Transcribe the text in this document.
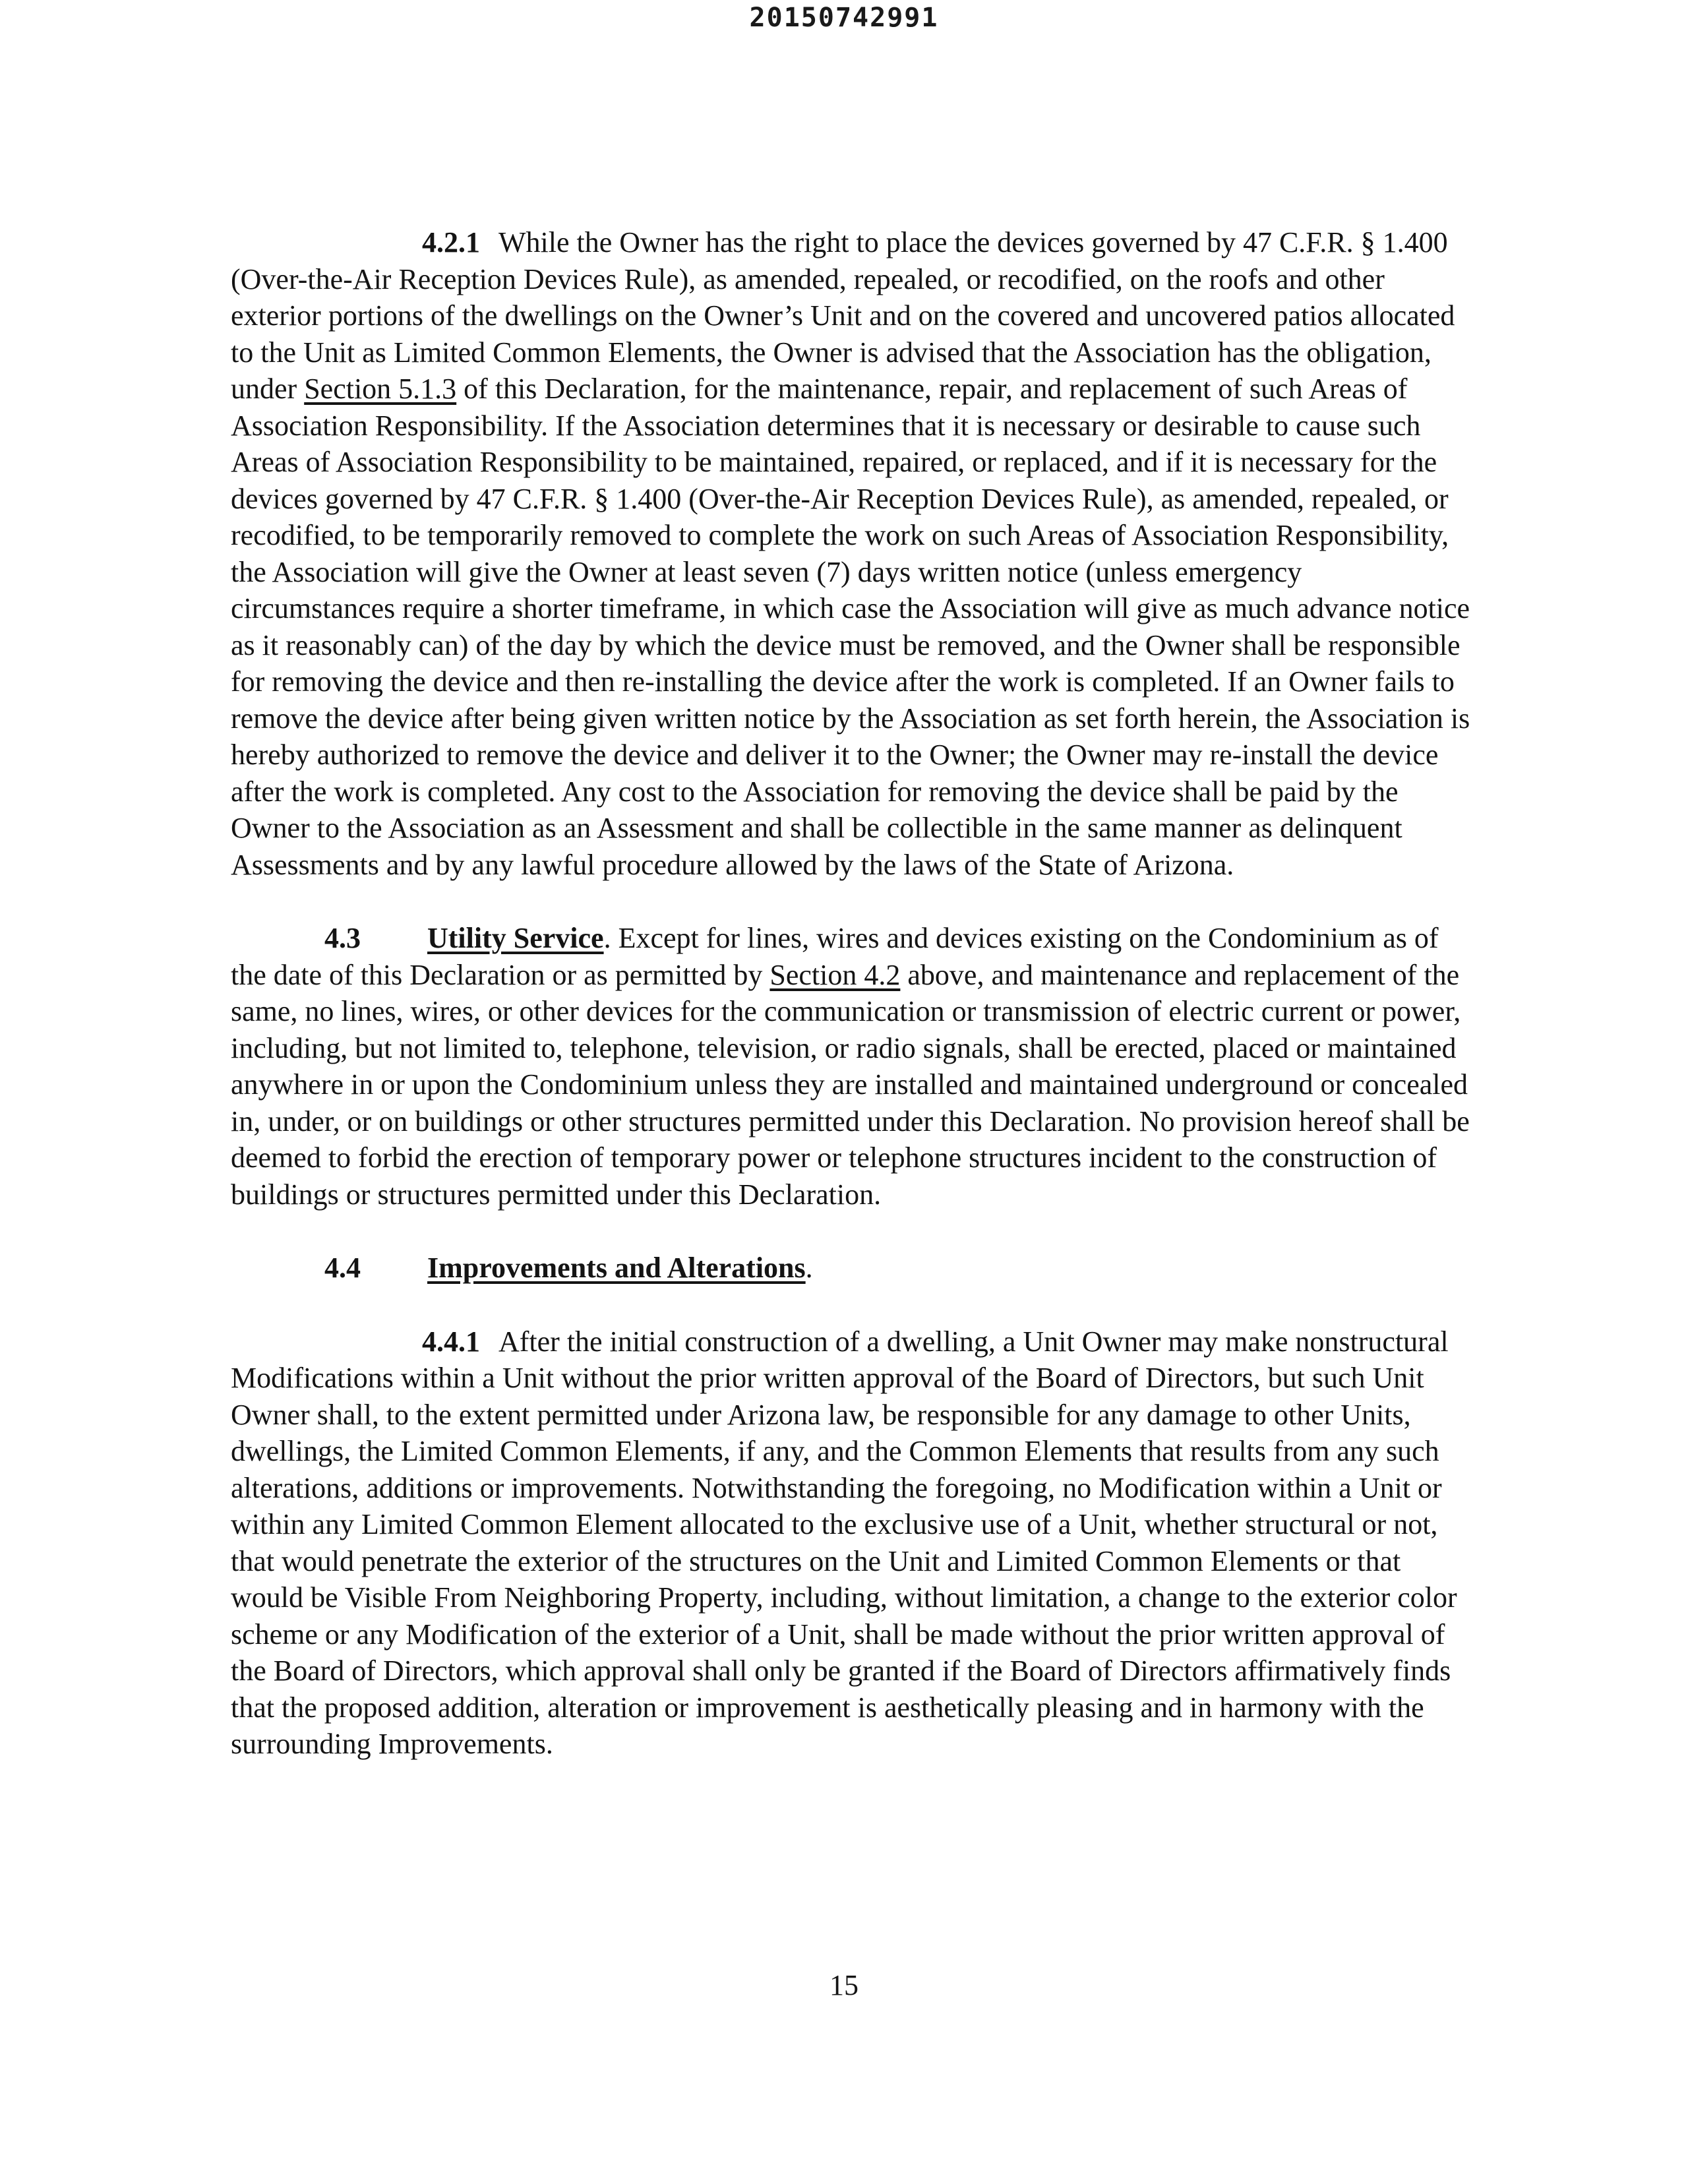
20150742991

4.2.1 While the Owner has the right to place the devices governed by 47 C.F.R. § 1.400 (Over-the-Air Reception Devices Rule), as amended, repealed, or recodified, on the roofs and other exterior portions of the dwellings on the Owner’s Unit and on the covered and uncovered patios allocated to the Unit as Limited Common Elements, the Owner is advised that the Association has the obligation, under Section 5.1.3 of this Declaration, for the maintenance, repair, and replacement of such Areas of Association Responsibility. If the Association determines that it is necessary or desirable to cause such Areas of Association Responsibility to be maintained, repaired, or replaced, and if it is necessary for the devices governed by 47 C.F.R. § 1.400 (Over-the-Air Reception Devices Rule), as amended, repealed, or recodified, to be temporarily removed to complete the work on such Areas of Association Responsibility, the Association will give the Owner at least seven (7) days written notice (unless emergency circumstances require a shorter timeframe, in which case the Association will give as much advance notice as it reasonably can) of the day by which the device must be removed, and the Owner shall be responsible for removing the device and then re-installing the device after the work is completed. If an Owner fails to remove the device after being given written notice by the Association as set forth herein, the Association is hereby authorized to remove the device and deliver it to the Owner; the Owner may re-install the device after the work is completed. Any cost to the Association for removing the device shall be paid by the Owner to the Association as an Assessment and shall be collectible in the same manner as delinquent Assessments and by any lawful procedure allowed by the laws of the State of Arizona.

4.3 Utility Service. Except for lines, wires and devices existing on the Condominium as of the date of this Declaration or as permitted by Section 4.2 above, and maintenance and replacement of the same, no lines, wires, or other devices for the communication or transmission of electric current or power, including, but not limited to, telephone, television, or radio signals, shall be erected, placed or maintained anywhere in or upon the Condominium unless they are installed and maintained underground or concealed in, under, or on buildings or other structures permitted under this Declaration. No provision hereof shall be deemed to forbid the erection of temporary power or telephone structures incident to the construction of buildings or structures permitted under this Declaration.

4.4 Improvements and Alterations.

4.4.1 After the initial construction of a dwelling, a Unit Owner may make nonstructural Modifications within a Unit without the prior written approval of the Board of Directors, but such Unit Owner shall, to the extent permitted under Arizona law, be responsible for any damage to other Units, dwellings, the Limited Common Elements, if any, and the Common Elements that results from any such alterations, additions or improvements. Notwithstanding the foregoing, no Modification within a Unit or within any Limited Common Element allocated to the exclusive use of a Unit, whether structural or not, that would penetrate the exterior of the structures on the Unit and Limited Common Elements or that would be Visible From Neighboring Property, including, without limitation, a change to the exterior color scheme or any Modification of the exterior of a Unit, shall be made without the prior written approval of the Board of Directors, which approval shall only be granted if the Board of Directors affirmatively finds that the proposed addition, alteration or improvement is aesthetically pleasing and in harmony with the surrounding Improvements.

15
